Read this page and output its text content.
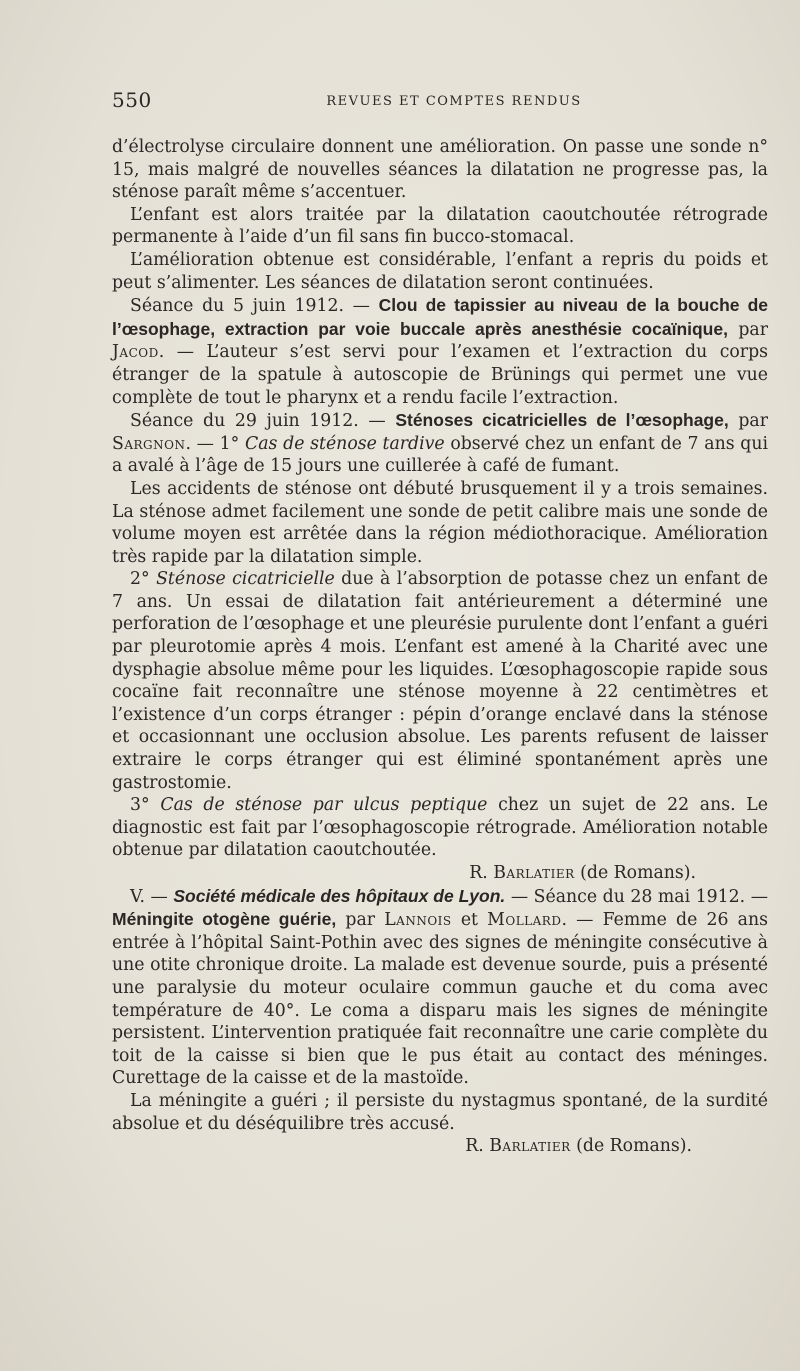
550	REVUES ET COMPTES RENDUS

d’électrolyse circulaire donnent une amélioration. On passe une sonde n° 15, mais malgré de nouvelles séances la dilatation ne progresse pas, la sténose paraît même s’accentuer.

L’enfant est alors traitée par la dilatation caoutchoutée rétrograde permanente à l’aide d’un fil sans fin bucco-stomacal.

L’amélioration obtenue est considérable, l’enfant a repris du poids et peut s’alimenter. Les séances de dilatation seront continuées.

Séance du 5 juin 1912. — Clou de tapissier au niveau de la bouche de l’œsophage, extraction par voie buccale après anesthésie cocaïnique, par Jacod. — L’auteur s’est servi pour l’examen et l’extraction du corps étranger de la spatule à autoscopie de Brünings qui permet une vue complète de tout le pharynx et a rendu facile l’extraction.

Séance du 29 juin 1912. — Sténoses cicatricielles de l’œsophage, par Sargnon. — 1° Cas de sténose tardive observé chez un enfant de 7 ans qui a avalé à l’âge de 15 jours une cuillerée à café de fumant.

Les accidents de sténose ont débuté brusquement il y a trois semaines. La sténose admet facilement une sonde de petit calibre mais une sonde de volume moyen est arrêtée dans la région médiothoracique. Amélioration très rapide par la dilatation simple.

2° Sténose cicatricielle due à l’absorption de potasse chez un enfant de 7 ans. Un essai de dilatation fait antérieurement a déterminé une perforation de l’œsophage et une pleurésie purulente dont l’enfant a guéri par pleurotomie après 4 mois. L’enfant est amené à la Charité avec une dysphagie absolue même pour les liquides. L’œsophagoscopie rapide sous cocaïne fait reconnaître une sténose moyenne à 22 centimètres et l’existence d’un corps étranger : pépin d’orange enclavé dans la sténose et occasionnant une occlusion absolue. Les parents refusent de laisser extraire le corps étranger qui est éliminé spontanément après une gastrostomie.

3° Cas de sténose par ulcus peptique chez un sujet de 22 ans. Le diagnostic est fait par l’œsophagoscopie rétrograde. Amélioration notable obtenue par dilatation caoutchoutée.

R. Barlatier (de Romans).

V. — Société médicale des hôpitaux de Lyon. — Séance du 28 mai 1912. — Méningite otogène guérie, par Lannois et Mollard. — Femme de 26 ans entrée à l’hôpital Saint-Pothin avec des signes de méningite consécutive à une otite chronique droite. La malade est devenue sourde, puis a présenté une paralysie du moteur oculaire commun gauche et du coma avec température de 40°. Le coma a disparu mais les signes de méningite persistent. L’intervention pratiquée fait reconnaître une carie complète du toit de la caisse si bien que le pus était au contact des méninges. Curettage de la caisse et de la mastoïde.

La méningite a guéri ; il persiste du nystagmus spontané, de la surdité absolue et du déséquilibre très accusé.

R. Barlatier (de Romans).
